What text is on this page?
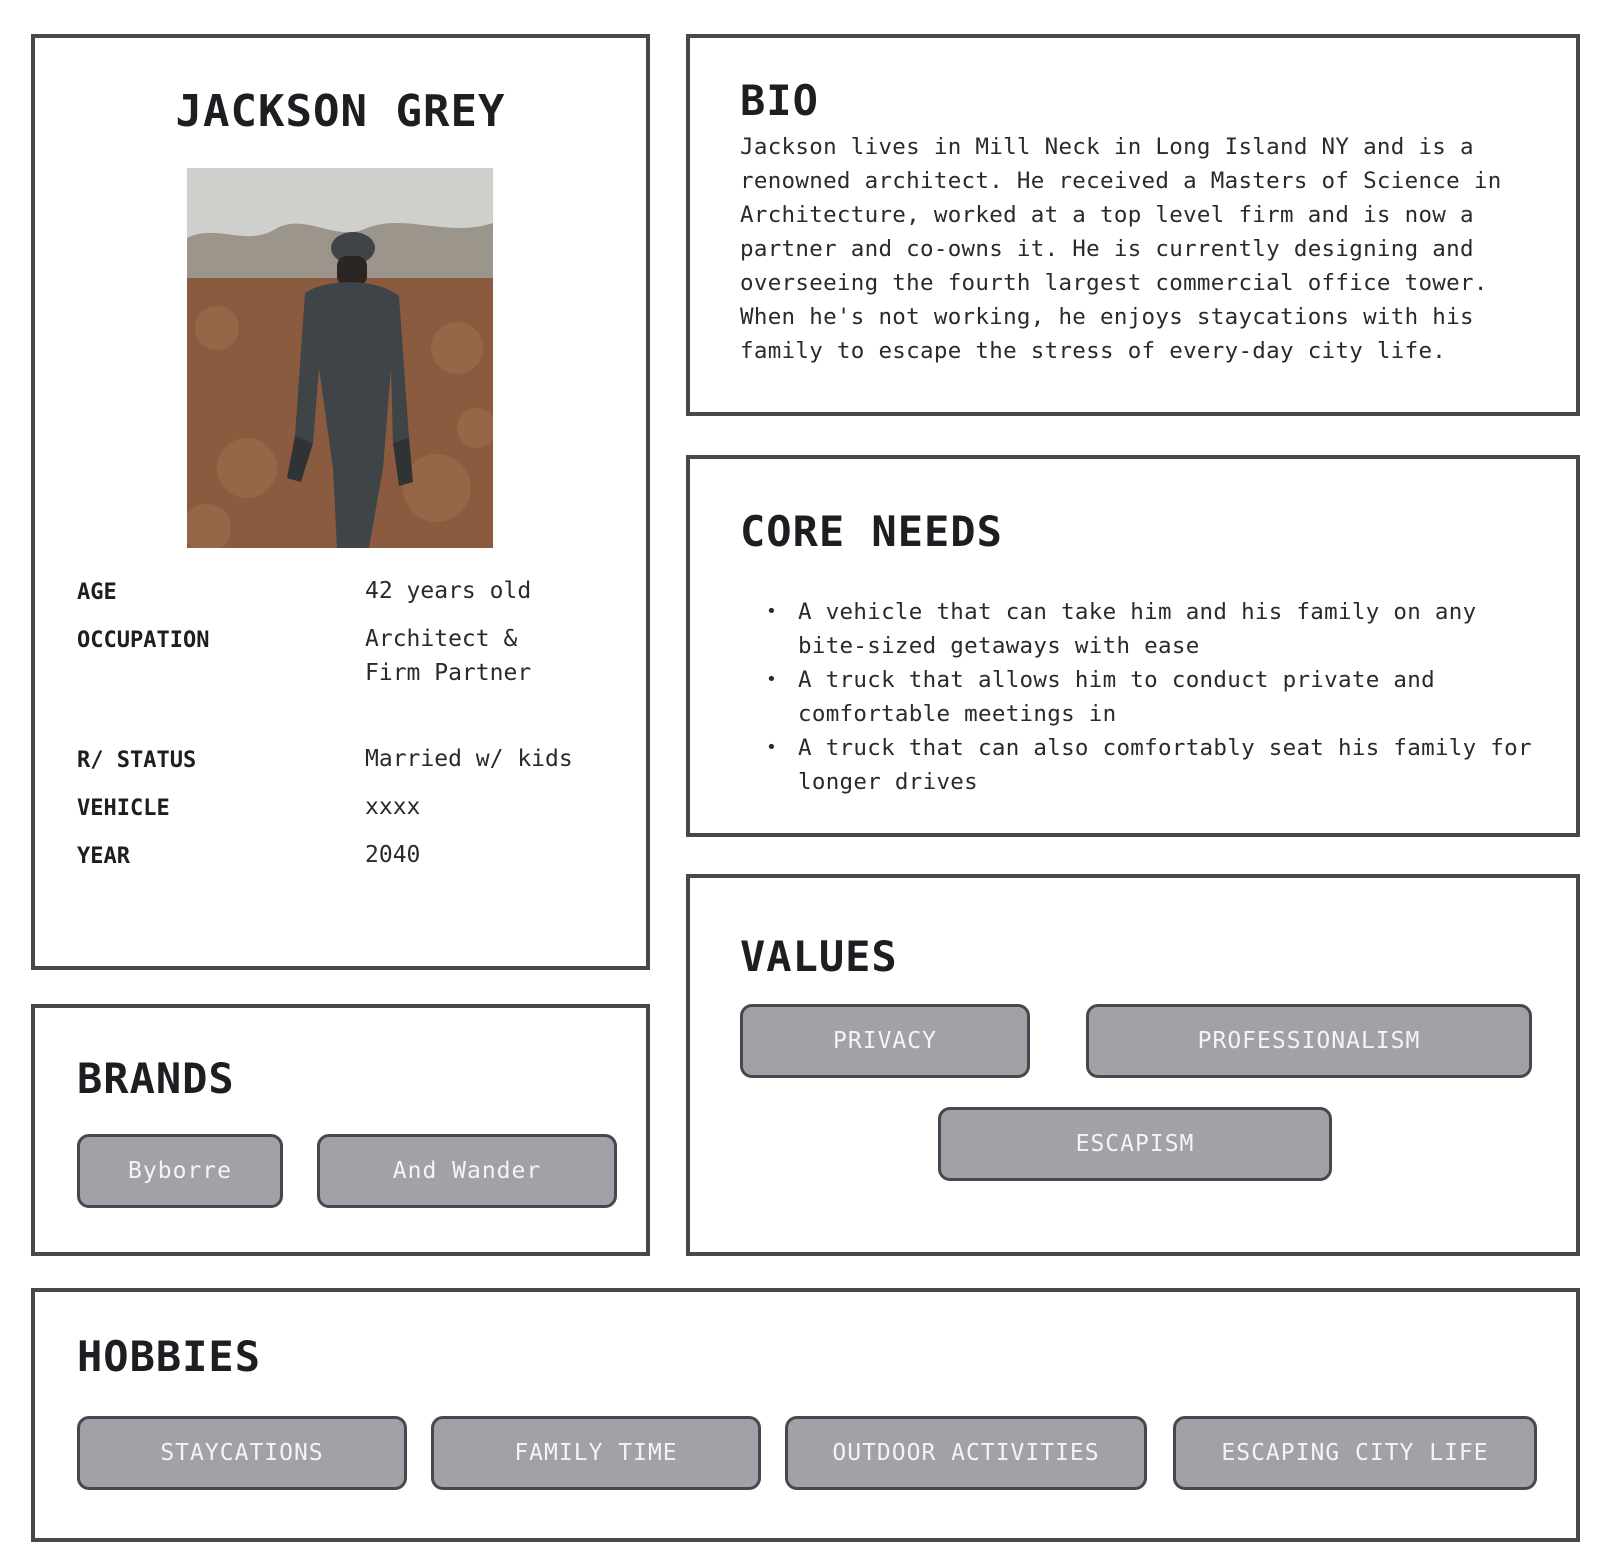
JACKSON GREY
AGE	42 years old
OCCUPATION	Architect &
Firm Partner
R/ STATUS	Married w/ kids
VEHICLE	xxxx
YEAR	2040
BIO

Jackson lives in Mill Neck in Long Island NY and is a renowned architect. He received a Masters of Science in Architecture, worked at a top level firm and is now a partner and co-owns it. He is currently designing and overseeing the fourth largest commercial office tower. When he's not working, he enjoys staycations with his family to escape the stress of every-day city life.

CORE NEEDS
• A vehicle that can take him and his family on any bite-sized getaways with ease
• A truck that allows him to conduct private and comfortable meetings in
• A truck that can also comfortably seat his family for longer drives
VALUES
PRIVACY	PROFESSIONALISM
ESCAPISM
BRANDS
Byborre	And Wander
HOBBIES
STAYCATIONS	FAMILY TIME	OUTDOOR ACTIVITIES	ESCAPING CITY LIFE
